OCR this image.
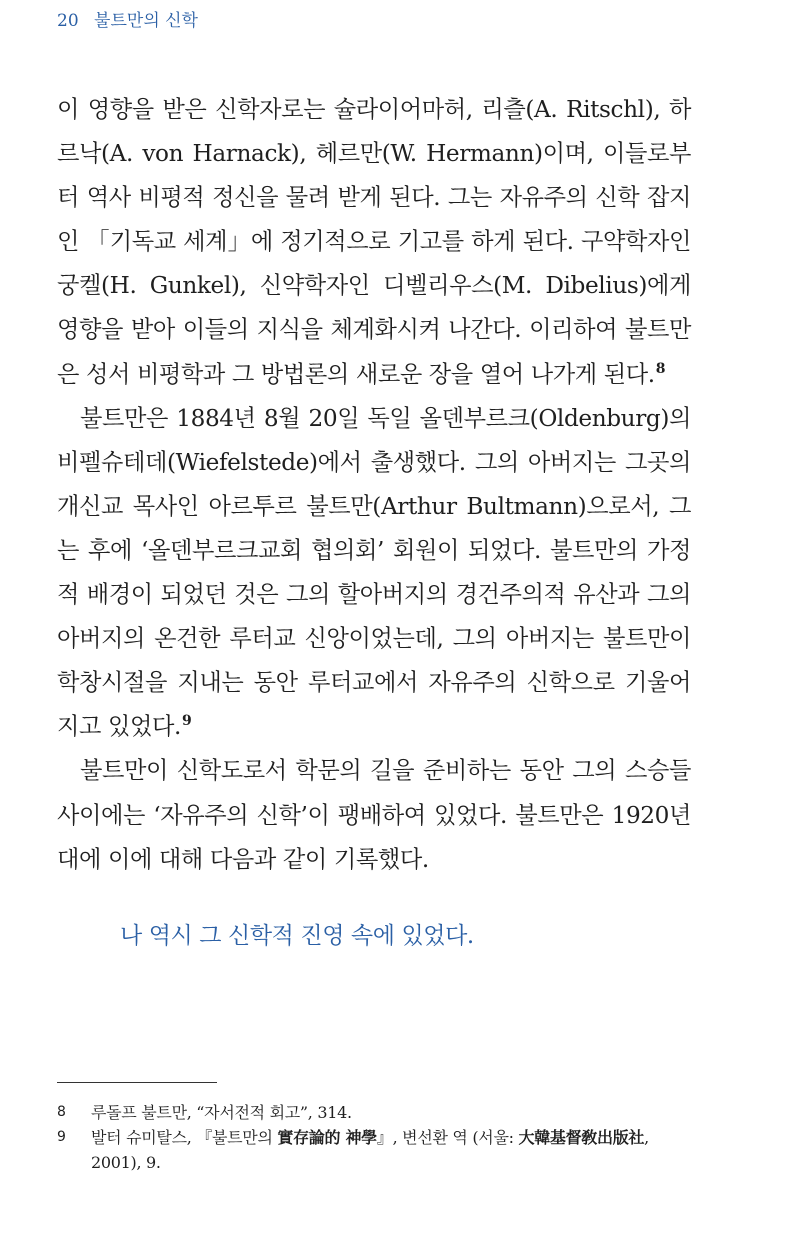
20 불트만의 신학

이 영향을 받은 신학자로는 슐라이어마허, 리츨(A. Ritschl), 하르낙(A. von Harnack), 헤르만(W. Hermann)이며, 이들로부터 역사 비평적 정신을 물려 받게 된다. 그는 자유주의 신학 잡지인 「기독교 세계」에 정기적으로 기고를 하게 된다. 구약학자인 궁켈(H. Gunkel), 신약학자인 디벨리우스(M. Dibelius)에게 영향을 받아 이들의 지식을 체계화시켜 나간다. 이리하여 불트만은 성서 비평학과 그 방법론의 새로운 장을 열어 나가게 된다.$^8$

불트만은 1884년 8월 20일 독일 올덴부르크(Oldenburg)의 비펠슈테데(Wiefelstede)에서 출생했다. 그의 아버지는 그곳의 개신교 목사인 아르투르 불트만(Arthur Bultmann)으로서, 그는 후에 ‘올덴부르크교회 협의회’ 회원이 되었다. 불트만의 가정적 배경이 되었던 것은 그의 할아버지의 경건주의적 유산과 그의 아버지의 온건한 루터교 신앙이었는데, 그의 아버지는 불트만이 학창시절을 지내는 동안 루터교에서 자유주의 신학으로 기울어지고 있었다.$^9$

불트만이 신학도로서 학문의 길을 준비하는 동안 그의 스승들 사이에는 ‘자유주의 신학’이 팽배하여 있었다. 불트만은 1920년대에 이에 대해 다음과 같이 기록했다.

나 역시 그 신학적 진영 속에 있었다.
8 루돌프 불트만, “자서전적 회고”, 314.
9 발터 슈미탈스, 『불트만의 實存論的 神學』, 변선환 역 (서울: 大韓基督敎出版社, 2001), 9.
